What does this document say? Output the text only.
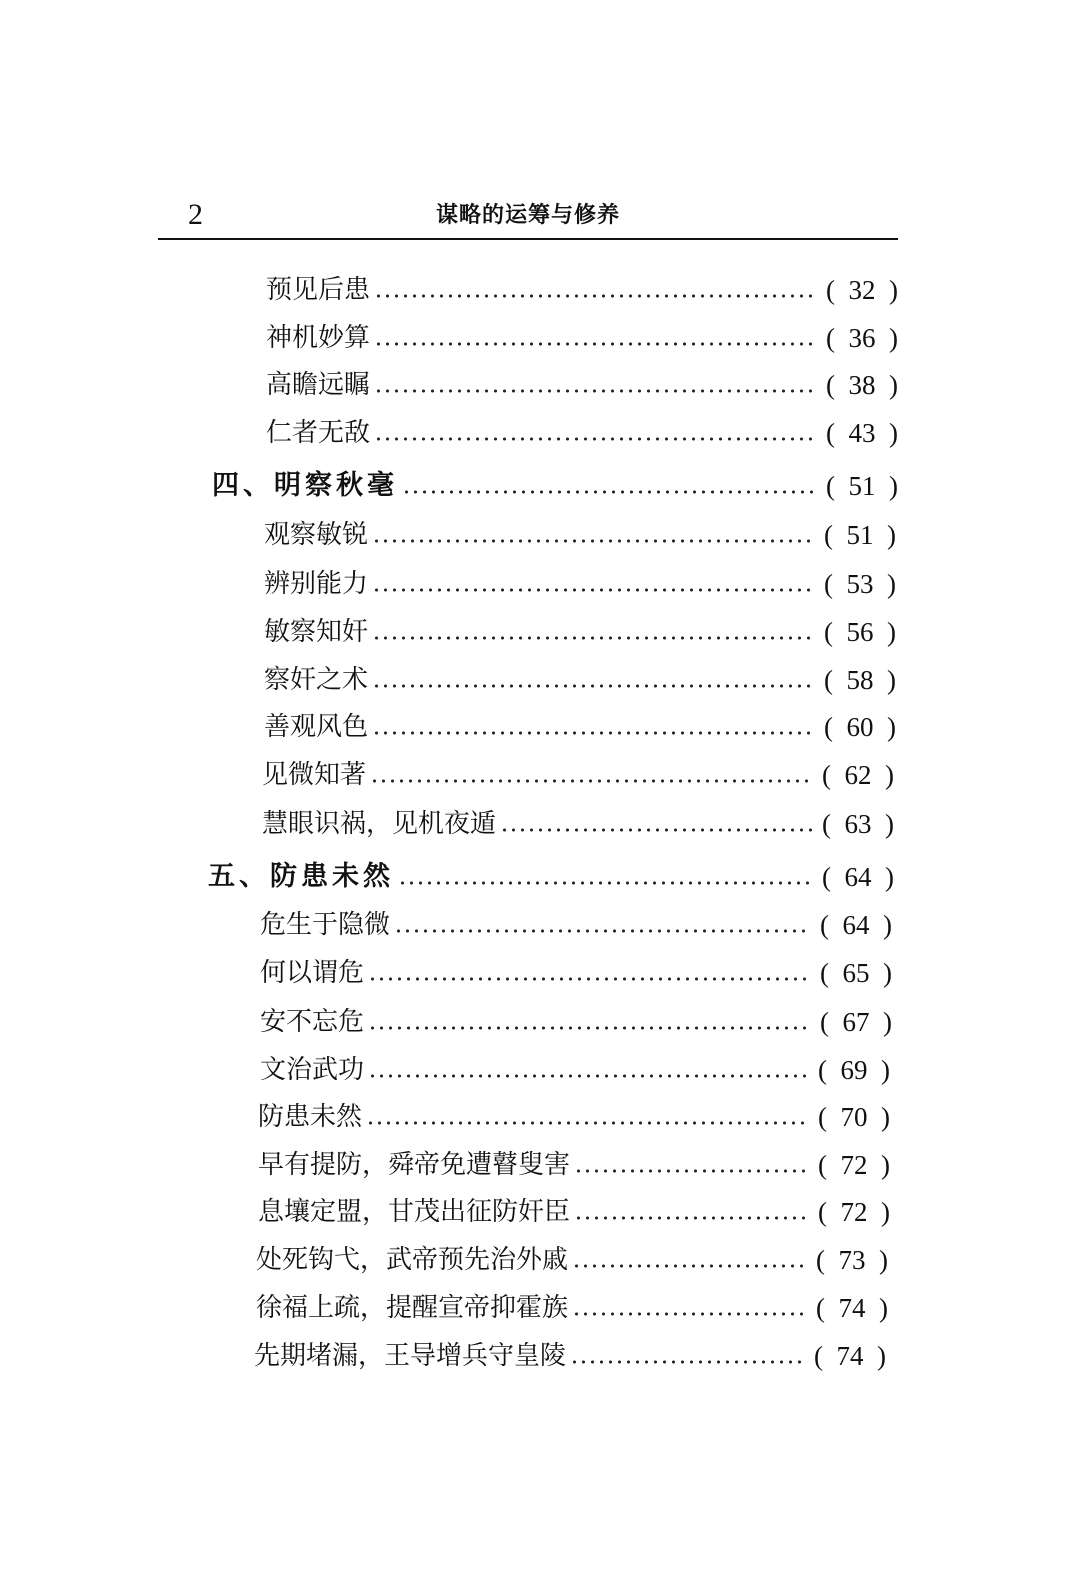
2	谋略的运筹与修养
预见后患	( 32 )
神机妙算	( 36 )
高瞻远瞩	( 38 )
仁者无敌	( 43 )
四、明察秋毫	( 51 )
观察敏锐	( 51 )
辨别能力	( 53 )
敏察知奸	( 56 )
察奸之术	( 58 )
善观风色	( 60 )
见微知著	( 62 )
慧眼识祸，见机夜遁	( 63 )
五、防患未然	( 64 )
危生于隐微	( 64 )
何以谓危	( 65 )
安不忘危	( 67 )
文治武功	( 69 )
防患未然	( 70 )
早有提防，舜帝免遭瞽叟害	( 72 )
息壤定盟，甘茂出征防奸臣	( 72 )
处死钩弋，武帝预先治外戚	( 73 )
徐福上疏，提醒宣帝抑霍族	( 74 )
先期堵漏，王导增兵守皇陵	( 74 )
